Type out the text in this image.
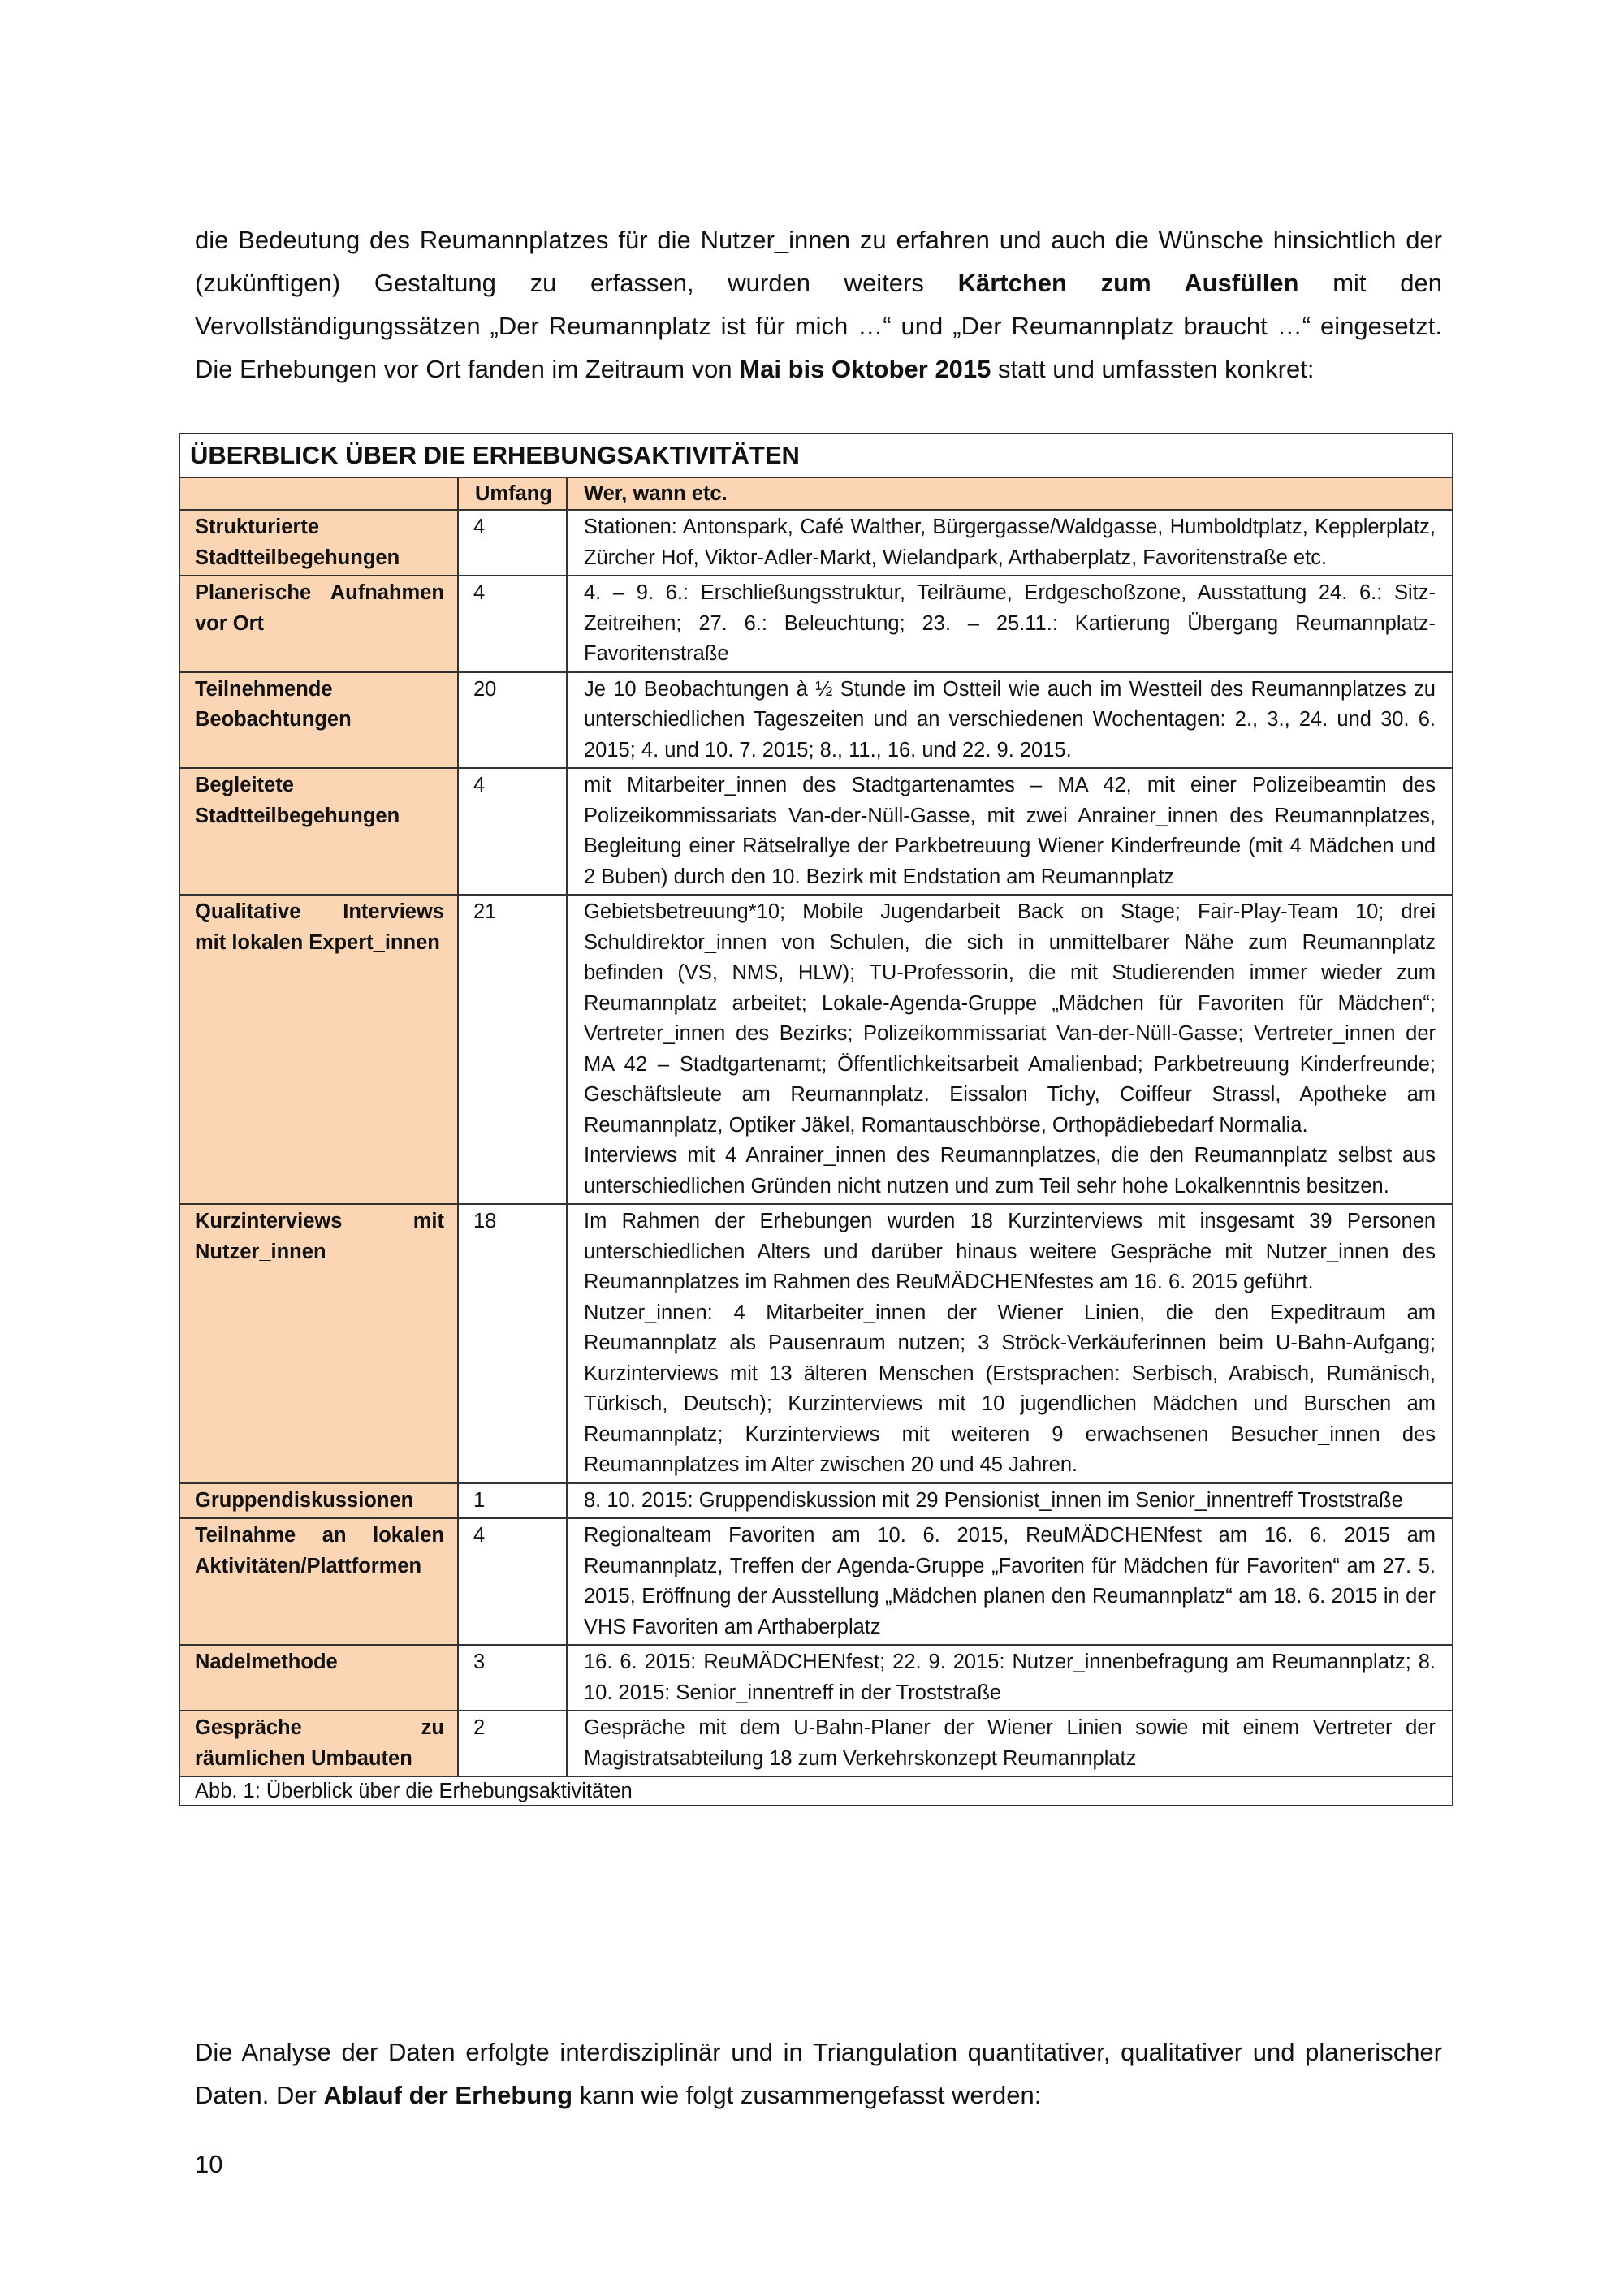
die Bedeutung des Reumannplatzes für die Nutzer_innen zu erfahren und auch die Wünsche hinsichtlich der (zukünftigen) Gestaltung zu erfassen, wurden weiters Kärtchen zum Ausfüllen mit den Vervollständigungssätzen „Der Reumannplatz ist für mich …“ und „Der Reumannplatz braucht …“ eingesetzt. Die Erhebungen vor Ort fanden im Zeitraum von Mai bis Oktober 2015 statt und umfassten konkret:

ÜBERBLICK ÜBER DIE ERHEBUNGSAKTIVITÄTEN		
	Umfang	Wer, wann etc.
Strukturierte Stadtteilbegehungen	4	Stationen: Antonspark, Café Walther, Bürgergasse/Waldgasse, Humboldtplatz, Kepplerplatz, Zürcher Hof, Viktor-Adler-Markt, Wielandpark, Arthaberplatz, Favoritenstraße etc.

Planerische Aufnahmen vor Ort	4	4. – 9. 6.: Erschließungsstruktur, Teilräume, Erdgeschoßzone, Ausstattung 24. 6.: Sitz-Zeitreihen; 27. 6.: Beleuchtung; 23. – 25.11.: Kartierung Übergang Reumannplatz-Favoritenstraße

Teilnehmende Beobachtungen	20	Je 10 Beobachtungen à ½ Stunde im Ostteil wie auch im Westteil des Reumannplatzes zu unterschiedlichen Tageszeiten und an verschiedenen Wochentagen: 2., 3., 24. und 30. 6. 2015; 4. und 10. 7. 2015; 8., 11., 16. und 22. 9. 2015.

Begleitete Stadtteilbegehungen	4	mit Mitarbeiter_innen des Stadtgartenamtes – MA 42, mit einer Polizeibeamtin des Polizeikommissariats Van-der-Nüll-Gasse, mit zwei Anrainer_innen des Reumannplatzes, Begleitung einer Rätselrallye der Parkbetreuung Wiener Kinderfreunde (mit 4 Mädchen und 2 Buben) durch den 10. Bezirk mit Endstation am Reumannplatz

Qualitative Interviews mit lokalen Expert_innen	21	Gebietsbetreuung*10; Mobile Jugendarbeit Back on Stage; Fair-Play-Team 10; drei Schuldirektor_innen von Schulen, die sich in unmittelbarer Nähe zum Reumannplatz befinden (VS, NMS, HLW); TU-Professorin, die mit Studierenden immer wieder zum Reumannplatz arbeitet; Lokale-Agenda-Gruppe „Mädchen für Favoriten für Mädchen“; Vertreter_innen des Bezirks; Polizeikommissariat Van-der-Nüll-Gasse; Vertreter_innen der MA 42 – Stadtgartenamt; Öffentlichkeitsarbeit Amalienbad; Parkbetreuung Kinderfreunde; Geschäftsleute am Reumannplatz. Eissalon Tichy, Coiffeur Strassl, Apotheke am Reumannplatz, Optiker Jäkel, Romantauschbörse, Orthopädiebedarf Normalia.
Interviews mit 4 Anrainer_innen des Reumannplatzes, die den Reumannplatz selbst aus unterschiedlichen Gründen nicht nutzen und zum Teil sehr hohe Lokalkenntnis besitzen.

Kurzinterviews mit Nutzer_innen	18	Im Rahmen der Erhebungen wurden 18 Kurzinterviews mit insgesamt 39 Personen unterschiedlichen Alters und darüber hinaus weitere Gespräche mit Nutzer_innen des Reumannplatzes im Rahmen des ReuMÄDCHENfestes am 16. 6. 2015 geführt.
Nutzer_innen: 4 Mitarbeiter_innen der Wiener Linien, die den Expeditraum am Reumannplatz als Pausenraum nutzen; 3 Ströck-Verkäuferinnen beim U-Bahn-Aufgang; Kurzinterviews mit 13 älteren Menschen (Erstsprachen: Serbisch, Arabisch, Rumänisch, Türkisch, Deutsch); Kurzinterviews mit 10 jugendlichen Mädchen und Burschen am Reumannplatz; Kurzinterviews mit weiteren 9 erwachsenen Besucher_innen des Reumannplatzes im Alter zwischen 20 und 45 Jahren.

Gruppendiskussionen	1	8. 10. 2015: Gruppendiskussion mit 29 Pensionist_innen im Senior_innentreff Troststraße

Teilnahme an lokalen Aktivitäten/Plattformen	4	Regionalteam Favoriten am 10. 6. 2015, ReuMÄDCHENfest am 16. 6. 2015 am Reumannplatz, Treffen der Agenda-Gruppe „Favoriten für Mädchen für Favoriten“ am 27. 5. 2015, Eröffnung der Ausstellung „Mädchen planen den Reumannplatz“ am 18. 6. 2015 in der VHS Favoriten am Arthaberplatz

Nadelmethode	3	16. 6. 2015: ReuMÄDCHENfest; 22. 9. 2015: Nutzer_innenbefragung am Reumannplatz; 8. 10. 2015: Senior_innentreff in der Troststraße

Gespräche zu räumlichen Umbauten	2	Gespräche mit dem U-Bahn-Planer der Wiener Linien sowie mit einem Vertreter der Magistratsabteilung 18 zum Verkehrskonzept Reumannplatz

Abb. 1: Überblick über die Erhebungsaktivitäten		

Die Analyse der Daten erfolgte interdisziplinär und in Triangulation quantitativer, qualitativer und planerischer Daten. Der Ablauf der Erhebung kann wie folgt zusammengefasst werden:

10
